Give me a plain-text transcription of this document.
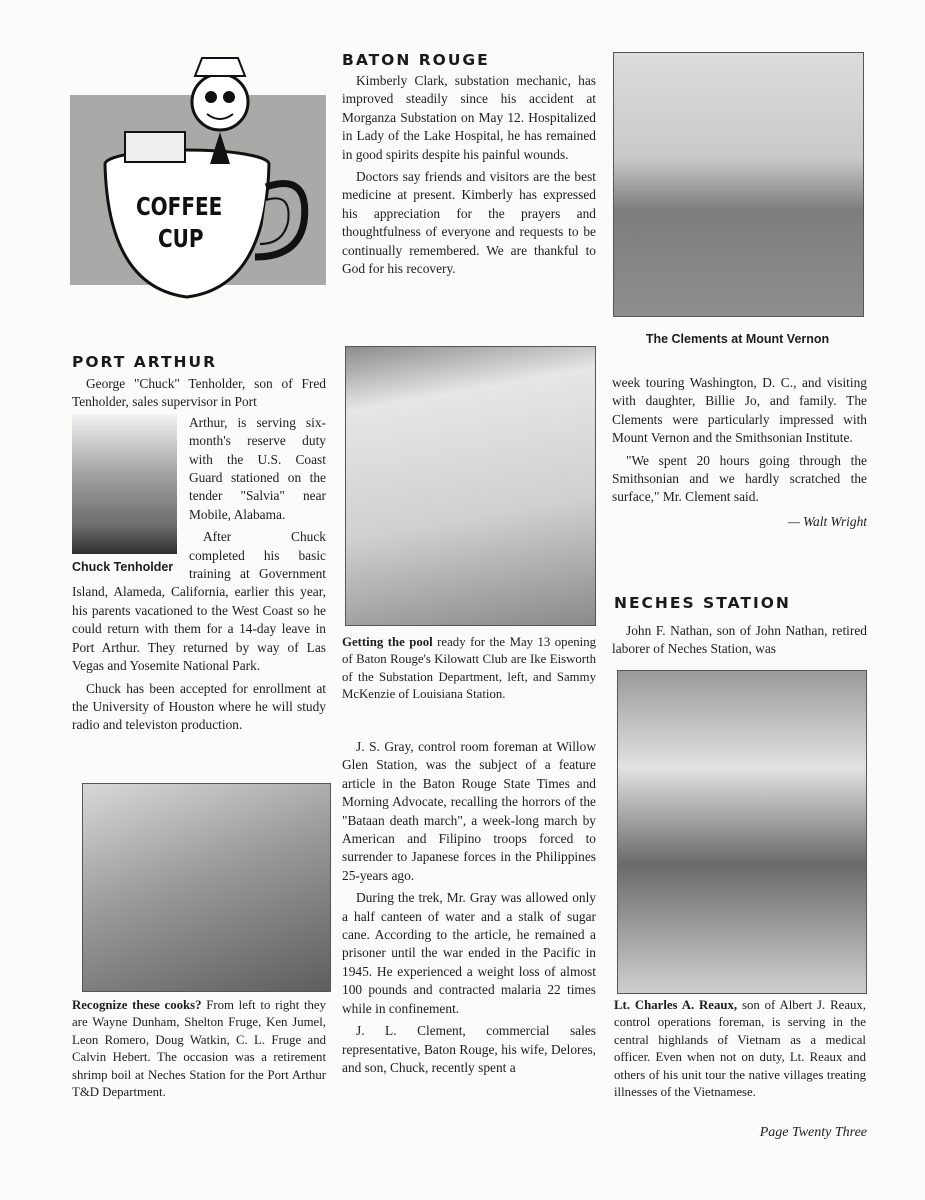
COFFEE
CUP
PORT ARTHUR

George "Chuck" Tenholder, son of Fred Tenholder, sales supervisor in Port

Chuck Tenholder

Arthur, is serving six-month's reserve duty with the U.S. Coast Guard stationed on the tender "Salvia" near Mobile, Alabama.

After Chuck completed his basic training at Government Island, Alameda, California, earlier this year, his parents vacationed to the West Coast so he could return with them for a 14-day leave in Port Arthur. They returned by way of Las Vegas and Yosemite National Park.

Chuck has been accepted for enrollment at the University of Houston where he will study radio and televiston production.

Recognize these cooks? From left to right they are Wayne Dunham, Shelton Fruge, Ken Jumel, Leon Romero, Doug Watkin, C. L. Fruge and Calvin Hebert. The occasion was a retirement shrimp boil at Neches Station for the Port Arthur T&D Department.
BATON ROUGE

Kimberly Clark, substation mechanic, has improved steadily since his accident at Morganza Substation on May 12. Hospitalized in Lady of the Lake Hospital, he has remained in good spirits despite his painful wounds.

Doctors say friends and visitors are the best medicine at present. Kimberly has expressed his appreciation for the prayers and thoughtfulness of everyone and requests to be continually remembered. We are thankful to God for his recovery.

Getting the pool ready for the May 13 opening of Baton Rouge's Kilowatt Club are Ike Eisworth of the Substation Department, left, and Sammy McKenzie of Louisiana Station.

J. S. Gray, control room foreman at Willow Glen Station, was the subject of a feature article in the Baton Rouge State Times and Morning Advocate, recalling the horrors of the "Bataan death march", a week-long march by American and Filipino troops forced to surrender to Japanese forces in the Philippines 25-years ago.

During the trek, Mr. Gray was allowed only a half canteen of water and a stalk of sugar cane. According to the article, he remained a prisoner until the war ended in the Pacific in 1945. He experienced a weight loss of almost 100 pounds and contracted malaria 22 times while in confinement.

J. L. Clement, commercial sales representative, Baton Rouge, his wife, Delores, and son, Chuck, recently spent a

The Clements at Mount Vernon

week touring Washington, D. C., and visiting with daughter, Billie Jo, and family. The Clements were particularly impressed with Mount Vernon and the Smithsonian Institute.

"We spent 20 hours going through the Smithsonian and we hardly scratched the surface," Mr. Clement said.

— Walt Wright
NECHES STATION

John F. Nathan, son of John Nathan, retired laborer of Neches Station, was

Lt. Charles A. Reaux, son of Albert J. Reaux, control operations foreman, is serving in the central highlands of Vietnam as a medical officer. Even when not on duty, Lt. Reaux and others of his unit tour the native villages treating illnesses of the Vietnamese.
Page Twenty Three
